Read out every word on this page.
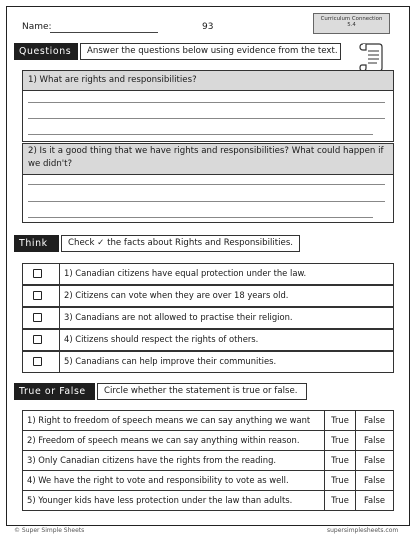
Name:	93
Curriculum Connection
5.4
Questions	Answer the questions below using evidence from the text.
1) What are rights and responsibilities?
2) Is it a good thing that we have rights and responsibilities? What could happen if we didn't?
Think	Check ✓ the facts about Rights and Responsibilities.
1) Canadian citizens have equal protection under the law.
2) Citizens can vote when they are over 18 years old.
3) Canadians are not allowed to practise their religion.
4) Citizens should respect the rights of others.
5) Canadians can help improve their communities.
True or False	Circle whether the statement is true or false.
1) Right to freedom of speech means we can say anything we want	True	False
2) Freedom of speech means we can say anything within reason.	True	False
3) Only Canadian citizens have the rights from the reading.	True	False
4) We have the right to vote and responsibility to vote as well.	True	False
5) Younger kids have less protection under the law than adults.	True	False
© Super Simple Sheets	supersimplesheets.com
